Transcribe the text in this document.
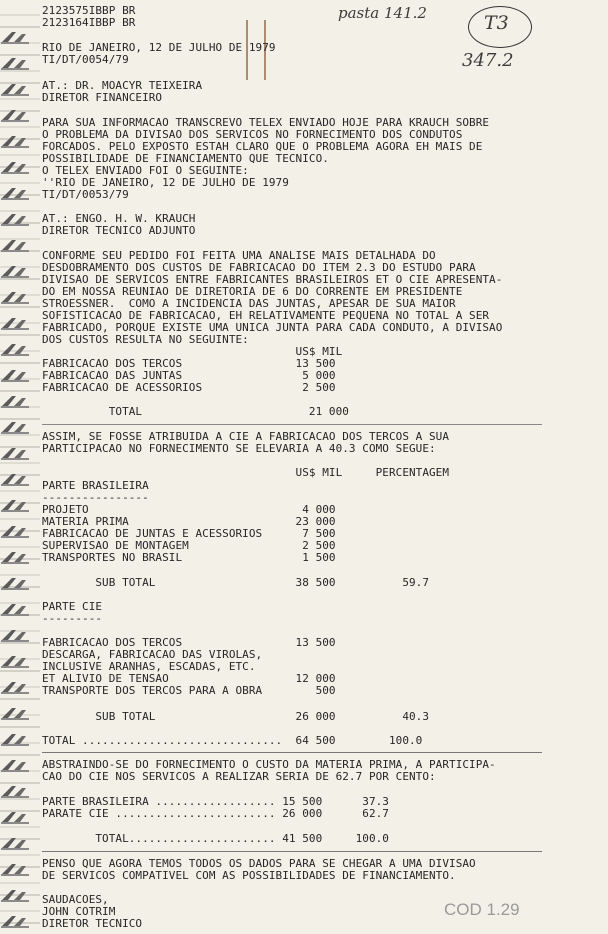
pasta 141.2	T3
347.2
COD 1.29
2123575IBBP BR
2123164IBBP BR
RIO DE JANEIRO, 12 DE JULHO DE 1979
TI/DT/0054/79
AT.: DR. MOACYR TEIXEIRA
DIRETOR FINANCEIRO
PARA SUA INFORMACAO TRANSCREVO TELEX ENVIADO HOJE PARA KRAUCH SOBRE
O PROBLEMA DA DIVISAO DOS SERVICOS NO FORNECIMENTO DOS CONDUTOS
FORCADOS. PELO EXPOSTO ESTAH CLARO QUE O PROBLEMA AGORA EH MAIS DE
POSSIBILIDADE DE FINANCIAMENTO QUE TECNICO.
O TELEX ENVIADO FOI O SEGUINTE:
''RIO DE JANEIRO, 12 DE JULHO DE 1979
TI/DT/0053/79
AT.: ENGO. H. W. KRAUCH
DIRETOR TECNICO ADJUNTO
CONFORME SEU PEDIDO FOI FEITA UMA ANALISE MAIS DETALHADA DO
DESDOBRAMENTO DOS CUSTOS DE FABRICACAO DO ITEM 2.3 DO ESTUDO PARA
DIVISAO DE SERVICOS ENTRE FABRICANTES BRASILEIROS ET O CIE APRESENTA-
DO EM NOSSA REUNIAO DE DIRETORIA DE 6 DO CORRENTE EM PRESIDENTE
STROESSNER.  COMO A INCIDENCIA DAS JUNTAS, APESAR DE SUA MAIOR
SOFISTICACAO DE FABRICACAO, EH RELATIVAMENTE PEQUENA NO TOTAL A SER
FABRICADO, PORQUE EXISTE UMA UNICA JUNTA PARA CADA CONDUTO, A DIVISAO
DOS CUSTOS RESULTA NO SEGUINTE:
US$ MIL
FABRICACAO DOS TERCOS                 13 500
FABRICACAO DAS JUNTAS                  5 000
FABRICACAO DE ACESSORIOS               2 500
TOTAL                         21 000
ASSIM, SE FOSSE ATRIBUIDA A CIE A FABRICACAO DOS TERCOS A SUA
PARTICIPACAO NO FORNECIMENTO SE ELEVARIA A 40.3 COMO SEGUE:
US$ MIL     PERCENTAGEM
PARTE BRASILEIRA
----------------
PROJETO                                4 000
MATERIA PRIMA                         23 000
FABRICACAO DE JUNTAS E ACESSORIOS      7 500
SUPERVISAO DE MONTAGEM                 2 500
TRANSPORTES NO BRASIL                  1 500
SUB TOTAL                     38 500          59.7
PARTE CIE
---------
FABRICACAO DOS TERCOS                 13 500
DESCARGA, FABRICACAO DAS VIROLAS,
INCLUSIVE ARANHAS, ESCADAS, ETC.
ET ALIVIO DE TENSAO                   12 000
TRANSPORTE DOS TERCOS PARA A OBRA        500
SUB TOTAL                     26 000          40.3
TOTAL ..............................  64 500        100.0
ABSTRAINDO-SE DO FORNECIMENTO O CUSTO DA MATERIA PRIMA, A PARTICIPA-
CAO DO CIE NOS SERVICOS A REALIZAR SERIA DE 62.7 POR CENTO:
PARTE BRASILEIRA .................. 15 500      37.3
PARATE CIE ........................ 26 000      62.7
TOTAL...................... 41 500     100.0
PENSO QUE AGORA TEMOS TODOS OS DADOS PARA SE CHEGAR A UMA DIVISAO
DE SERVICOS COMPATIVEL COM AS POSSIBILIDADES DE FINANCIAMENTO.
SAUDACOES,
JOHN COTRIM
DIRETOR TECNICO
